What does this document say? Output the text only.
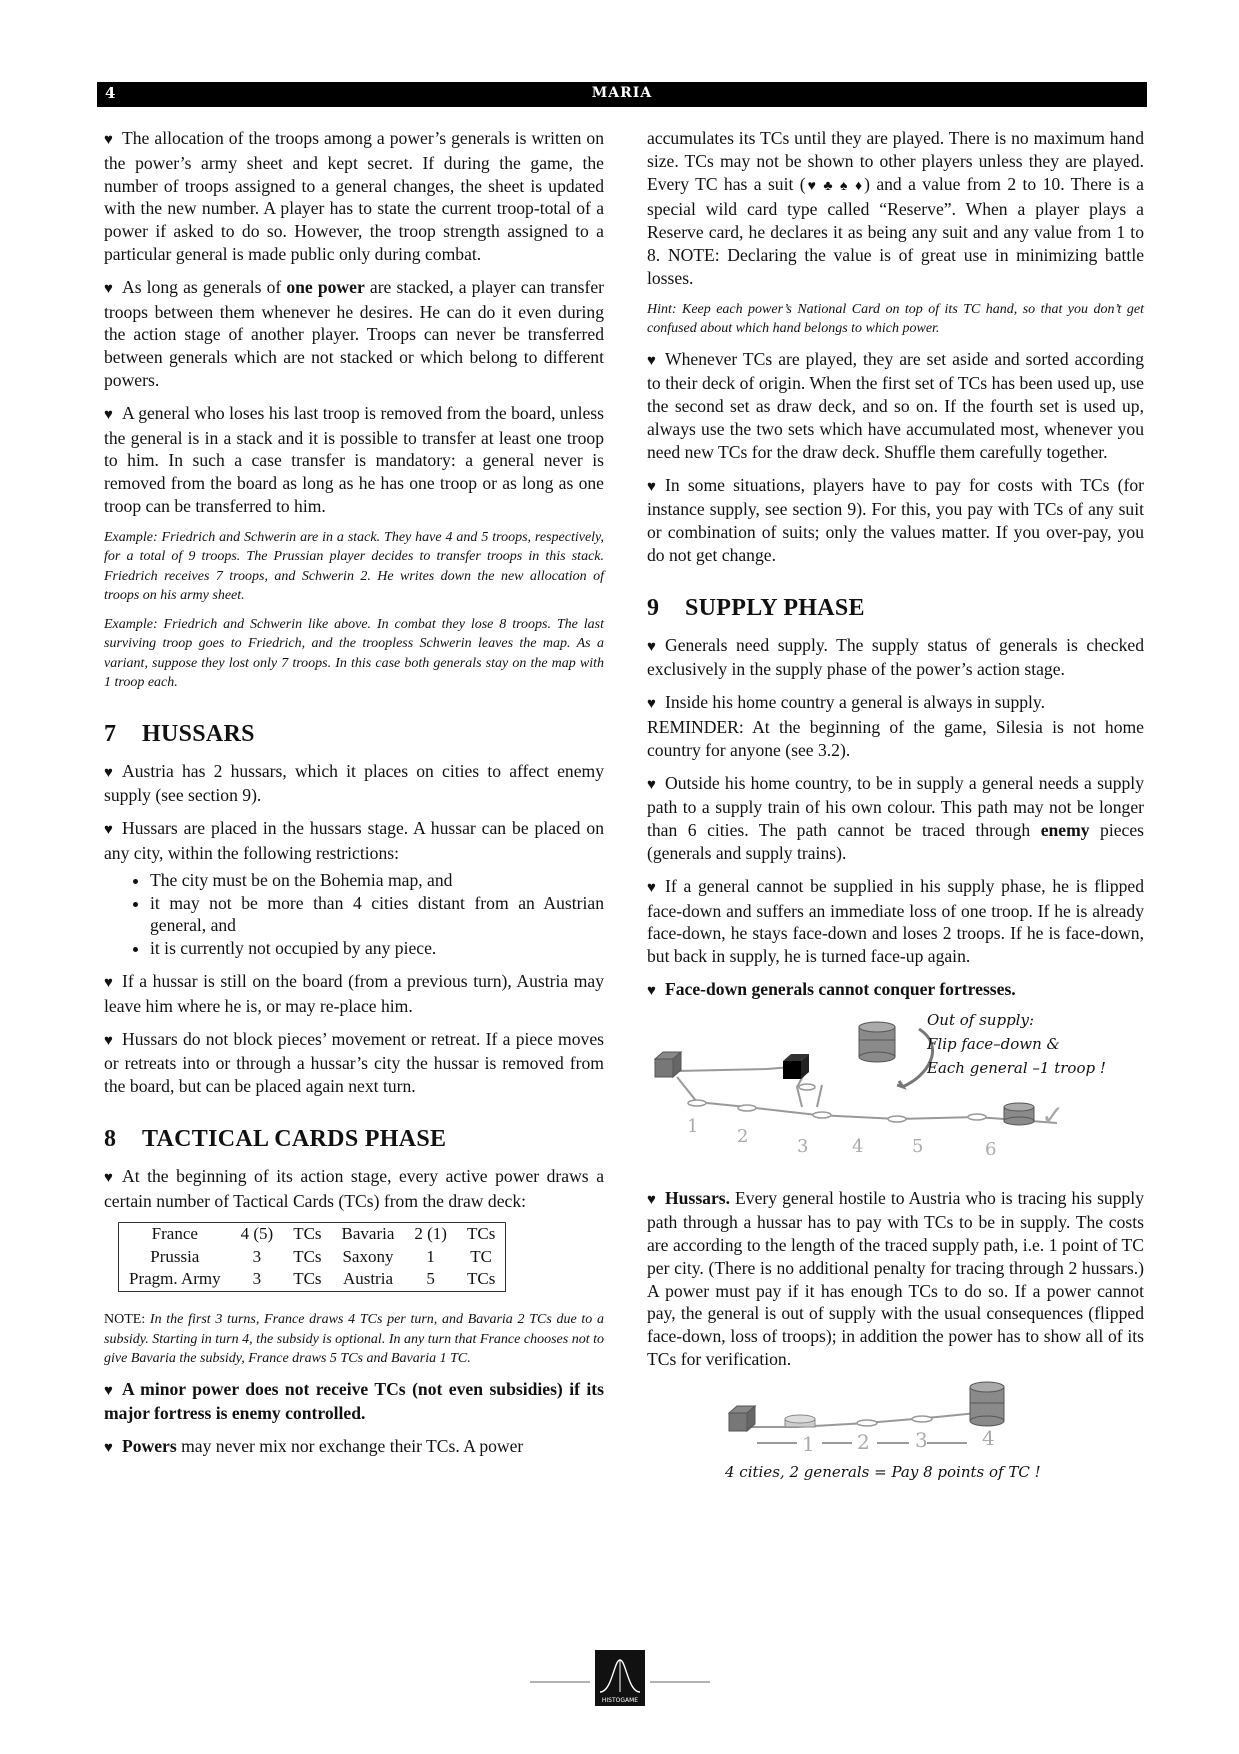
4	MARIA

♥ The allocation of the troops among a power’s generals is written on the power’s army sheet and kept secret. If during the game, the number of troops assigned to a general changes, the sheet is updated with the new number. A player has to state the current troop-total of a power if asked to do so. However, the troop strength assigned to a particular general is made public only during combat.

♥ As long as generals of one power are stacked, a player can transfer troops between them whenever he desires. He can do it even during the action stage of another player. Troops can never be transferred between generals which are not stacked or which belong to different powers.

♥ A general who loses his last troop is removed from the board, unless the general is in a stack and it is possible to transfer at least one troop to him. In such a case transfer is mandatory: a general never is removed from the board as long as he has one troop or as long as one troop can be transferred to him.

Example: Friedrich and Schwerin are in a stack. They have 4 and 5 troops, respectively, for a total of 9 troops. The Prussian player decides to transfer troops in this stack. Friedrich receives 7 troops, and Schwerin 2. He writes down the new allocation of troops on his army sheet.

Example: Friedrich and Schwerin like above. In combat they lose 8 troops. The last surviving troop goes to Friedrich, and the troopless Schwerin leaves the map. As a variant, suppose they lost only 7 troops. In this case both generals stay on the map with 1 troop each.

7 HUSSARS

♥ Austria has 2 hussars, which it places on cities to affect enemy supply (see section 9).

♥ Hussars are placed in the hussars stage. A hussar can be placed on any city, within the following restrictions:

• The city must be on the Bohemia map, and
• it may not be more than 4 cities distant from an Austrian general, and
• it is currently not occupied by any piece.

♥ If a hussar is still on the board (from a previous turn), Austria may leave him where he is, or may re-place him.

♥ Hussars do not block pieces’ movement or retreat. If a piece moves or retreats into or through a hussar’s city the hussar is removed from the board, but can be placed again next turn.

8 TACTICAL CARDS PHASE

♥ At the beginning of its action stage, every active power draws a certain number of Tactical Cards (TCs) from the draw deck:

France	4 (5)	TCs	Bavaria	2 (1)	TCs
Prussia	3	TCs	Saxony	1	TC
Pragm. Army	3	TCs	Austria	5	TCs

NOTE: In the first 3 turns, France draws 4 TCs per turn, and Bavaria 2 TCs due to a subsidy. Starting in turn 4, the subsidy is optional. In any turn that France chooses not to give Bavaria the subsidy, France draws 5 TCs and Bavaria 1 TC.

♥ A minor power does not receive TCs (not even subsidies) if its major fortress is enemy controlled.

♥ Powers may never mix nor exchange their TCs. A power

accumulates its TCs until they are played. There is no maximum hand size. TCs may not be shown to other players unless they are played. Every TC has a suit (♥ ♣ ♠ ♦) and a value from 2 to 10. There is a special wild card type called “Reserve”. When a player plays a Reserve card, he declares it as being any suit and any value from 1 to 8. NOTE: Declaring the value is of great use in minimizing battle losses.

Hint: Keep each power’s National Card on top of its TC hand, so that you don’t get confused about which hand belongs to which power.

♥ Whenever TCs are played, they are set aside and sorted according to their deck of origin. When the first set of TCs has been used up, use the second set as draw deck, and so on. If the fourth set is used up, always use the two sets which have accumulated most, whenever you need new TCs for the draw deck. Shuffle them carefully together.

♥ In some situations, players have to pay for costs with TCs (for instance supply, see section 9). For this, you pay with TCs of any suit or combination of suits; only the values matter. If you over-pay, you do not get change.

9 SUPPLY PHASE

♥ Generals need supply. The supply status of generals is checked exclusively in the supply phase of the power’s action stage.

♥ Inside his home country a general is always in supply.
REMINDER: At the beginning of the game, Silesia is not home country for anyone (see 3.2).

♥ Outside his home country, to be in supply a general needs a supply path to a supply train of his own colour. This path may not be longer than 6 cities. The path cannot be traced through enemy pieces (generals and supply trains).

♥ If a general cannot be supplied in his supply phase, he is flipped face-down and suffers an immediate loss of one troop. If he is already face-down, he stays face-down and loses 2 troops. If he is face-down, but back in supply, he is turned face-up again.

♥ Face-down generals cannot conquer fortresses.

1 2	3 4	5	6
✓
Out of supply:
Flip face–down &
Each general –1 troop !

♥ Hussars. Every general hostile to Austria who is tracing his supply path through a hussar has to pay with TCs to be in supply. The costs are according to the length of the traced supply path, i.e. 1 point of TC per city. (There is no additional penalty for tracing through 2 hussars.) A power must pay if it has enough TCs to do so. If a power cannot pay, the general is out of supply with the usual consequences (flipped face-down, loss of troops); in addition the power has to show all of its TCs for verification.

1 2 3	4
4 cities, 2 generals = Pay 8 points of TC !
HISTOGAME
